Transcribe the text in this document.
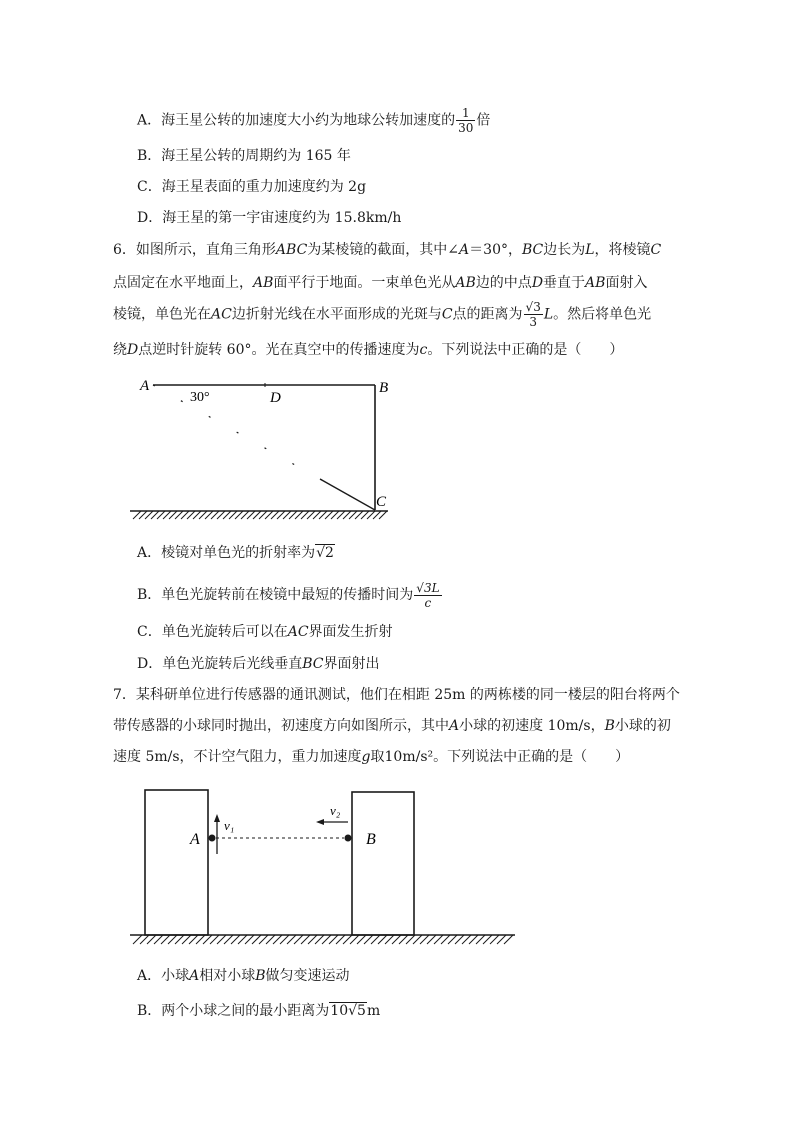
A．海王星公转的加速度大小约为地球公转加速度的 $\frac{1}{30}$ 倍
B．海王星公转的周期约为 165 年
C．海王星表面的重力加速度约为 2g
D．海王星的第一宇宙速度约为 15.8km/h
6．如图所示，直角三角形ABC为某棱镜的截面，其中∠A＝30°，BC边长为L，将棱镜C
点固定在水平地面上，AB面平行于地面。一束单色光从AB边的中点D垂直于AB面射入
棱镜，单色光在AC边折射光线在水平面形成的光斑与C点的距离为 $\frac{√3}{3}$ L。然后将单色光
绕D点逆时针旋转 60°。光在真空中的传播速度为c。下列说法中正确的是（　　）
A	B
C
D
30°
A．棱镜对单色光的折射率为√2
B．单色光旋转前在棱镜中最短的传播时间为 $\frac{√3L}{c}$
C．单色光旋转后可以在AC界面发生折射
D．单色光旋转后光线垂直BC界面射出
7．某科研单位进行传感器的通讯测试，他们在相距 25m 的两栋楼的同一楼层的阳台将两个
带传感器的小球同时抛出，初速度方向如图所示，其中A小球的初速度 10m/s，B小球的初
速度 5m/s，不计空气阻力，重力加速度g取10m/s²。下列说法中正确的是（　　）
A	B
v₁
v₂
A．小球A相对小球B做匀变速运动
B．两个小球之间的最小距离为10√5m
